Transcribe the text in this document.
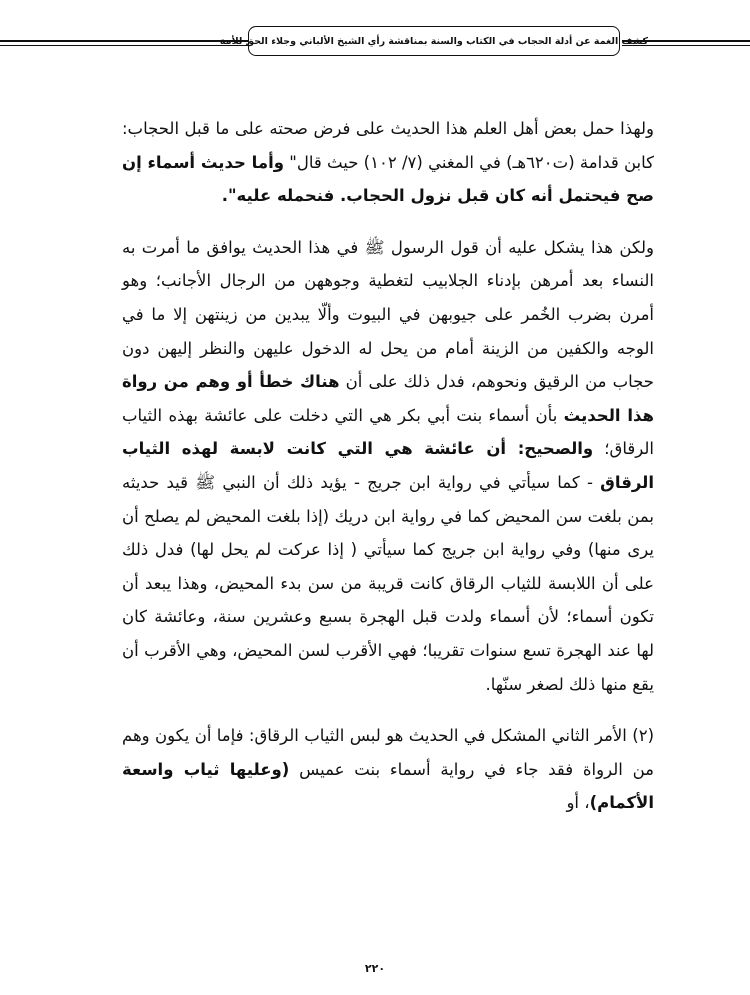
كشف الغمة عن أدلة الحجاب في الكتاب والسنة بمناقشة رأي الشيخ الألباني وجلاء الحق للأمة

ولهذا حمل بعض أهل العلم هذا الحديث على فرض صحته على ما قبل الحجاب: كابن قدامة (ت٦٢٠هـ) في المغني (٧/ ١٠٢) حيث قال" وأما حديث أسماء إن صح فيحتمل أنه كان قبل نزول الحجاب. فنحمله عليه".

ولكن هذا يشكل عليه أن قول الرسول ﷺ في هذا الحديث يوافق ما أمرت به النساء بعد أمرهن بإدناء الجلابيب لتغطية وجوههن من الرجال الأجانب؛ وهو أمرن بضرب الخُمر على جيوبهن في البيوت وألّا يبدين من زينتهن إلا ما في الوجه والكفين من الزينة أمام من يحل له الدخول عليهن والنظر إليهن دون حجاب من الرقيق ونحوهم، فدل ذلك على أن هناك خطأ أو وهم من رواة هذا الحديث بأن أسماء بنت أبي بكر هي التي دخلت على عائشة بهذه الثياب الرقاق؛ والصحيح: أن عائشة هي التي كانت لابسة لهذه الثياب الرقاق - كما سيأتي في رواية ابن جريج - يؤيد ذلك أن النبي ﷺ قيد حديثه بمن بلغت سن المحيض كما في رواية ابن دريك (إذا بلغت المحيض لم يصلح أن يرى منها) وفي رواية ابن جريج كما سيأتي ( إذا عركت لم يحل لها) فدل ذلك على أن اللابسة للثياب الرقاق كانت قريبة من سن بدء المحيض، وهذا يبعد أن تكون أسماء؛ لأن أسماء ولدت قبل الهجرة بسبع وعشرين سنة، وعائشة كان لها عند الهجرة تسع سنوات تقريبا؛ فهي الأقرب لسن المحيض، وهي الأقرب أن يقع منها ذلك لصغر سنّها.

(٢) الأمر الثاني المشكل في الحديث هو لبس الثياب الرقاق: فإما أن يكون وهم من الرواة فقد جاء في رواية أسماء بنت عميس (وعليها ثياب واسعة الأكمام)، أو

٢٢٠
